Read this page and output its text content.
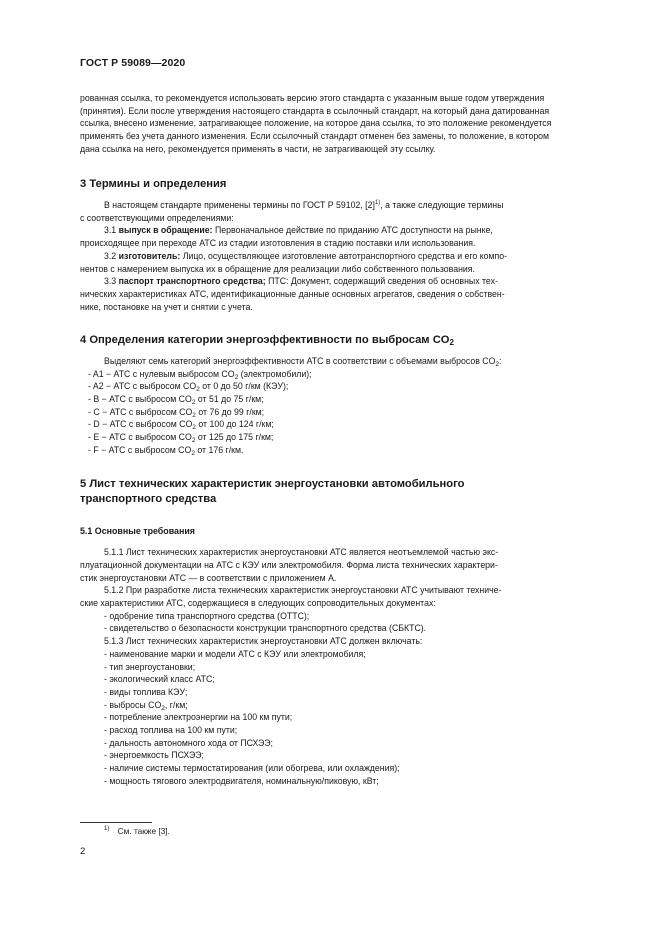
ГОСТ Р 59089—2020

рованная ссылка, то рекомендуется использовать версию этого стандарта с указанным выше годом утверждения
(принятия). Если после утверждения настоящего стандарта в ссылочный стандарт, на который дана датированная
ссылка, внесено изменение, затрагивающее положение, на которое дана ссылка, то это положение рекомендуется
применять без учета данного изменения. Если ссылочный стандарт отменен без замены, то положение, в котором
дана ссылка на него, рекомендуется применять в части, не затрагивающей эту ссылку.

3 Термины и определения

В настоящем стандарте применены термины по ГОСТ Р 59102, $[2]^{1)}$, а также следующие термины
с соответствующими определениями:

3.1 выпуск в обращение: Первоначальное действие по приданию АТС доступности на рынке,
происходящее при переходе АТС из стадии изготовления в стадию поставки или использования.

3.2 изготовитель: Лицо, осуществляющее изготовление автотранспортного средства и его компо-
нентов с намерением выпуска их в обращение для реализации либо собственного пользования.

3.3 паспорт транспортного средства; ПТС: Документ, содержащий сведения об основных тех-
нических характеристиках АТС, идентификационные данные основных агрегатов, сведения о собствен-
нике, постановке на учет и снятии с учета.

4 Определения категории энергоэффективности по выбросам $CO_2$

Выделяют семь категорий энергоэффективности АТС в соответствии с объемами выбросов $CO_2$:

- A1 − АТС с нулевым выбросом $CO_2$ (электромобили);
- A2 − АТС с выбросом $CO_2$ от 0 до 50 г/км (КЭУ);
- B − АТС с выбросом $CO_2$ от 51 до 75 г/км;
- C − АТС с выбросом $CO_2$ от 76 до 99 г/км;
- D − АТС с выбросом $CO_2$ от 100 до 124 г/км;
- E − АТС с выбросом $CO_2$ от 125 до 175 г/км;
- F − АТС с выбросом $CO_2$ от 176 г/км.

5 Лист технических характеристик энергоустановки автомобильного
транспортного средства

5.1 Основные требования

5.1.1 Лист технических характеристик энергоустановки АТС является неотъемлемой частью экс-
плуатационной документации на АТС с КЭУ или электромобиля. Форма листа технических характери-
стик энергоустановки АТС — в соответствии с приложением А.

5.1.2 При разработке листа технических характеристик энергоустановки АТС учитывают техниче-
ские характеристики АТС, содержащиеся в следующих сопроводительных документах:

- одобрение типа транспортного средства (ОТТС);
- свидетельство о безопасности конструкции транспортного средства (СБКТС).

5.1.3 Лист технических характеристик энергоустановки АТС должен включать:

- наименование марки и модели АТС с КЭУ или электромобиля;
- тип энергоустановки;
- экологический класс АТС;
- виды топлива КЭУ;
- выбросы $CO_2$, г/км;
- потребление электроэнергии на 100 км пути;
- расход топлива на 100 км пути;
- дальность автономного хода от ПСХЭЭ;
- энергоемкость ПСХЭЭ;
- наличие системы термостатирования (или обогрева, или охлаждения);
- мощность тягового электродвигателя, номинальную/пиковую, кВт;
$^{1)}$ См. также [3].
2
